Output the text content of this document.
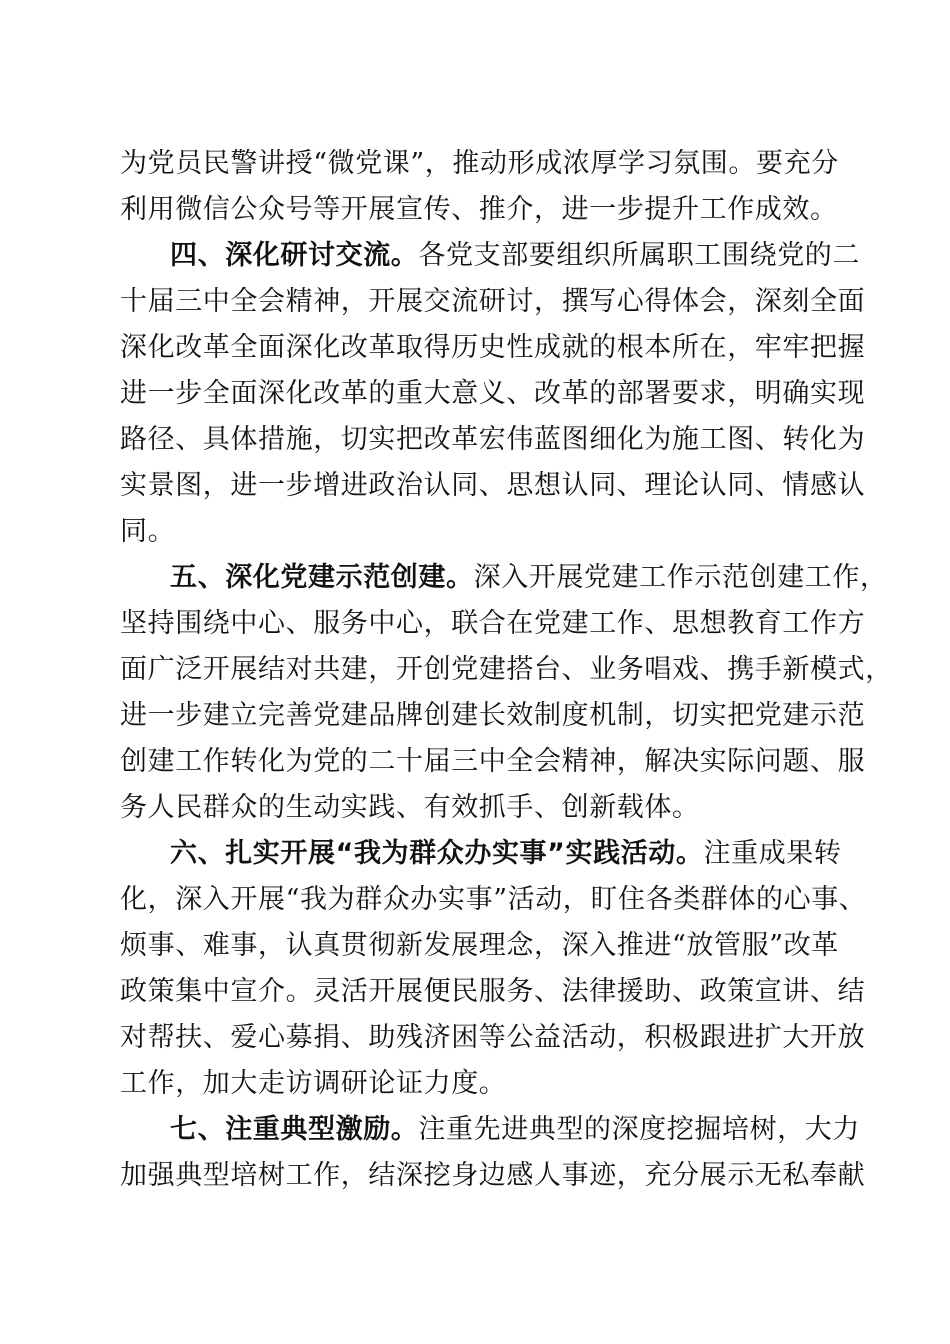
为党员民警讲授“微党课”，推动形成浓厚学习氛围。要充分
利用微信公众号等开展宣传、推介，进一步提升工作成效。
四、深化研讨交流。各党支部要组织所属职工围绕党的二
十届三中全会精神，开展交流研讨，撰写心得体会，深刻全面
深化改革全面深化改革取得历史性成就的根本所在，牢牢把握
进一步全面深化改革的重大意义、改革的部署要求，明确实现
路径、具体措施，切实把改革宏伟蓝图细化为施工图、转化为
实景图，进一步增进政治认同、思想认同、理论认同、情感认
同。
五、深化党建示范创建。深入开展党建工作示范创建工作，
坚持围绕中心、服务中心，联合在党建工作、思想教育工作方
面广泛开展结对共建，开创党建搭台、业务唱戏、携手新模式，
进一步建立完善党建品牌创建长效制度机制，切实把党建示范
创建工作转化为党的二十届三中全会精神，解决实际问题、服
务人民群众的生动实践、有效抓手、创新载体。
六、扎实开展“我为群众办实事”实践活动。注重成果转
化，深入开展“我为群众办实事”活动，盯住各类群体的心事、
烦事、难事，认真贯彻新发展理念，深入推进“放管服”改革
政策集中宣介。灵活开展便民服务、法律援助、政策宣讲、结
对帮扶、爱心募捐、助残济困等公益活动，积极跟进扩大开放
工作，加大走访调研论证力度。
七、注重典型激励。注重先进典型的深度挖掘培树，大力
加强典型培树工作，结深挖身边感人事迹，充分展示无私奉献
